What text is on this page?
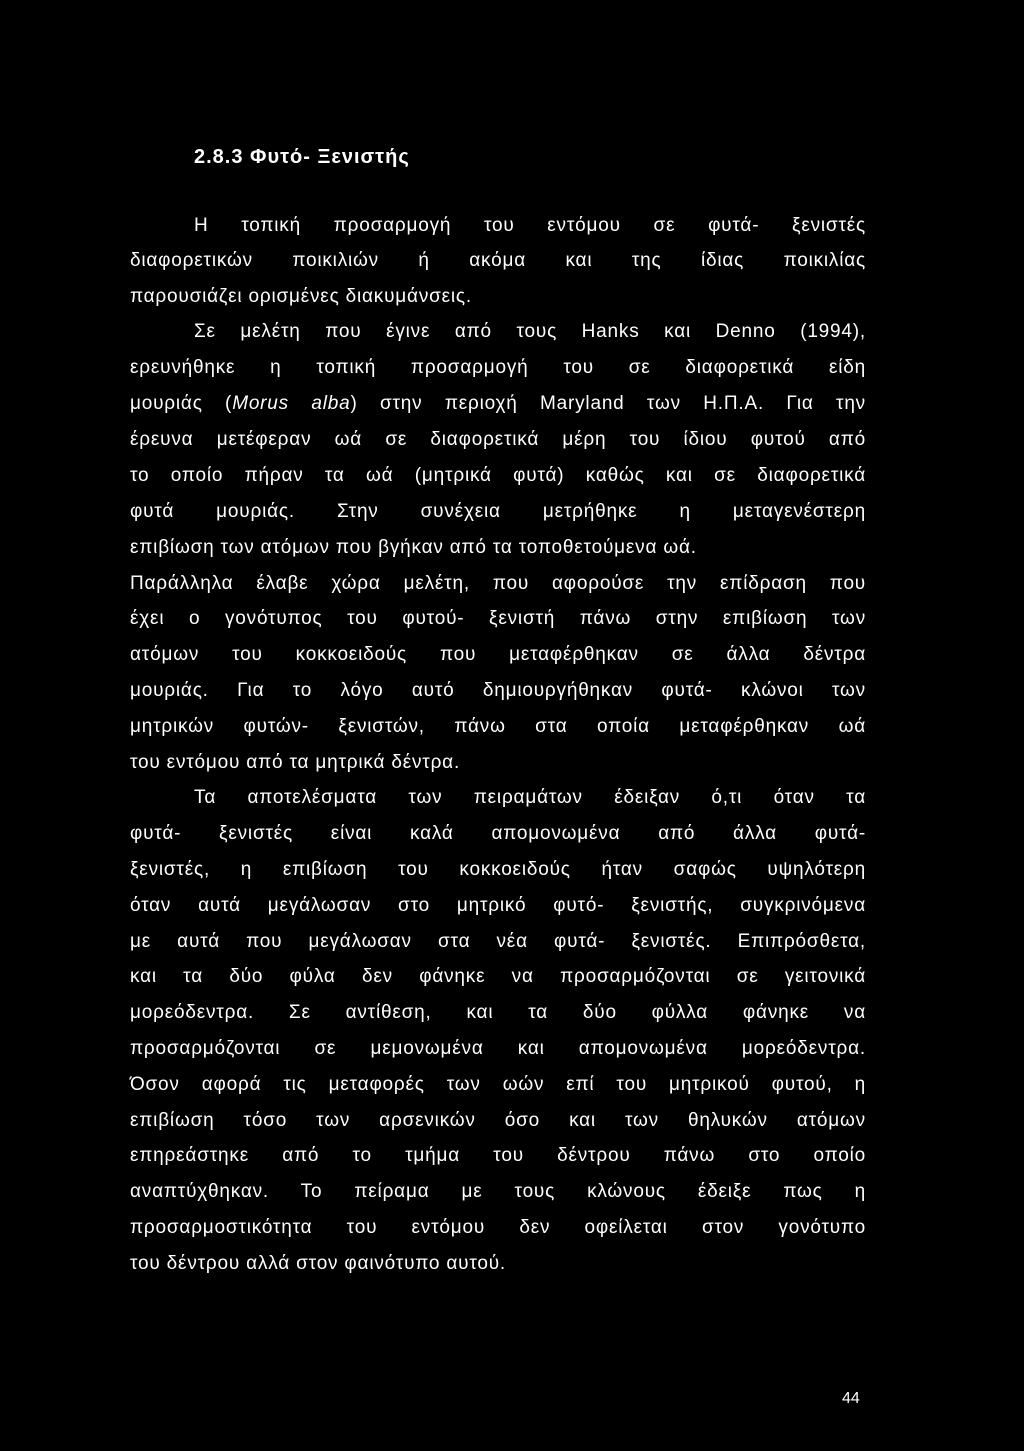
2.8.3 Φυτό- Ξενιστής
Η τοπική προσαρμογή του εντόμου σε φυτά- ξενιστές
διαφορετικών ποικιλιών ή ακόμα και της ίδιας ποικιλίας
παρουσιάζει ορισμένες διακυμάνσεις.
Σε μελέτη που έγινε από τους Hanks και Denno (1994),
ερευνήθηκε η τοπική προσαρμογή του σε διαφορετικά είδη
μουριάς (Morus alba) στην περιοχή Maryland των Η.Π.Α. Για την
έρευνα μετέφεραν ωά σε διαφορετικά μέρη του ίδιου φυτού από
το οποίο πήραν τα ωά (μητρικά φυτά) καθώς και σε διαφορετικά
φυτά μουριάς. Στην συνέχεια μετρήθηκε η μεταγενέστερη
επιβίωση των ατόμων που βγήκαν από τα τοποθετούμενα ωά.
Παράλληλα έλαβε χώρα μελέτη, που αφορούσε την επίδραση που
έχει ο γονότυπος του φυτού- ξενιστή πάνω στην επιβίωση των
ατόμων του κοκκοειδούς που μεταφέρθηκαν σε άλλα δέντρα
μουριάς. Για το λόγο αυτό δημιουργήθηκαν φυτά- κλώνοι των
μητρικών φυτών- ξενιστών, πάνω στα οποία μεταφέρθηκαν ωά
του εντόμου από τα μητρικά δέντρα.
Τα αποτελέσματα των πειραμάτων έδειξαν ό,τι όταν τα
φυτά- ξενιστές είναι καλά απομονωμένα από άλλα φυτά-
ξενιστές, η επιβίωση του κοκκοειδούς ήταν σαφώς υψηλότερη
όταν αυτά μεγάλωσαν στο μητρικό φυτό- ξενιστής, συγκρινόμενα
με αυτά που μεγάλωσαν στα νέα φυτά- ξενιστές. Επιπρόσθετα,
και τα δύο φύλα δεν φάνηκε να προσαρμόζονται σε γειτονικά
μορεόδεντρα. Σε αντίθεση, και τα δύο φύλλα φάνηκε να
προσαρμόζονται σε μεμονωμένα και απομονωμένα μορεόδεντρα.
Όσον αφορά τις μεταφορές των ωών επί του μητρικού φυτού, η
επιβίωση τόσο των αρσενικών όσο και των θηλυκών ατόμων
επηρεάστηκε από το τμήμα του δέντρου πάνω στο οποίο
αναπτύχθηκαν. Το πείραμα με τους κλώνους έδειξε πως η
προσαρμοστικότητα του εντόμου δεν οφείλεται στον γονότυπο
του δέντρου αλλά στον φαινότυπο αυτού.
44
